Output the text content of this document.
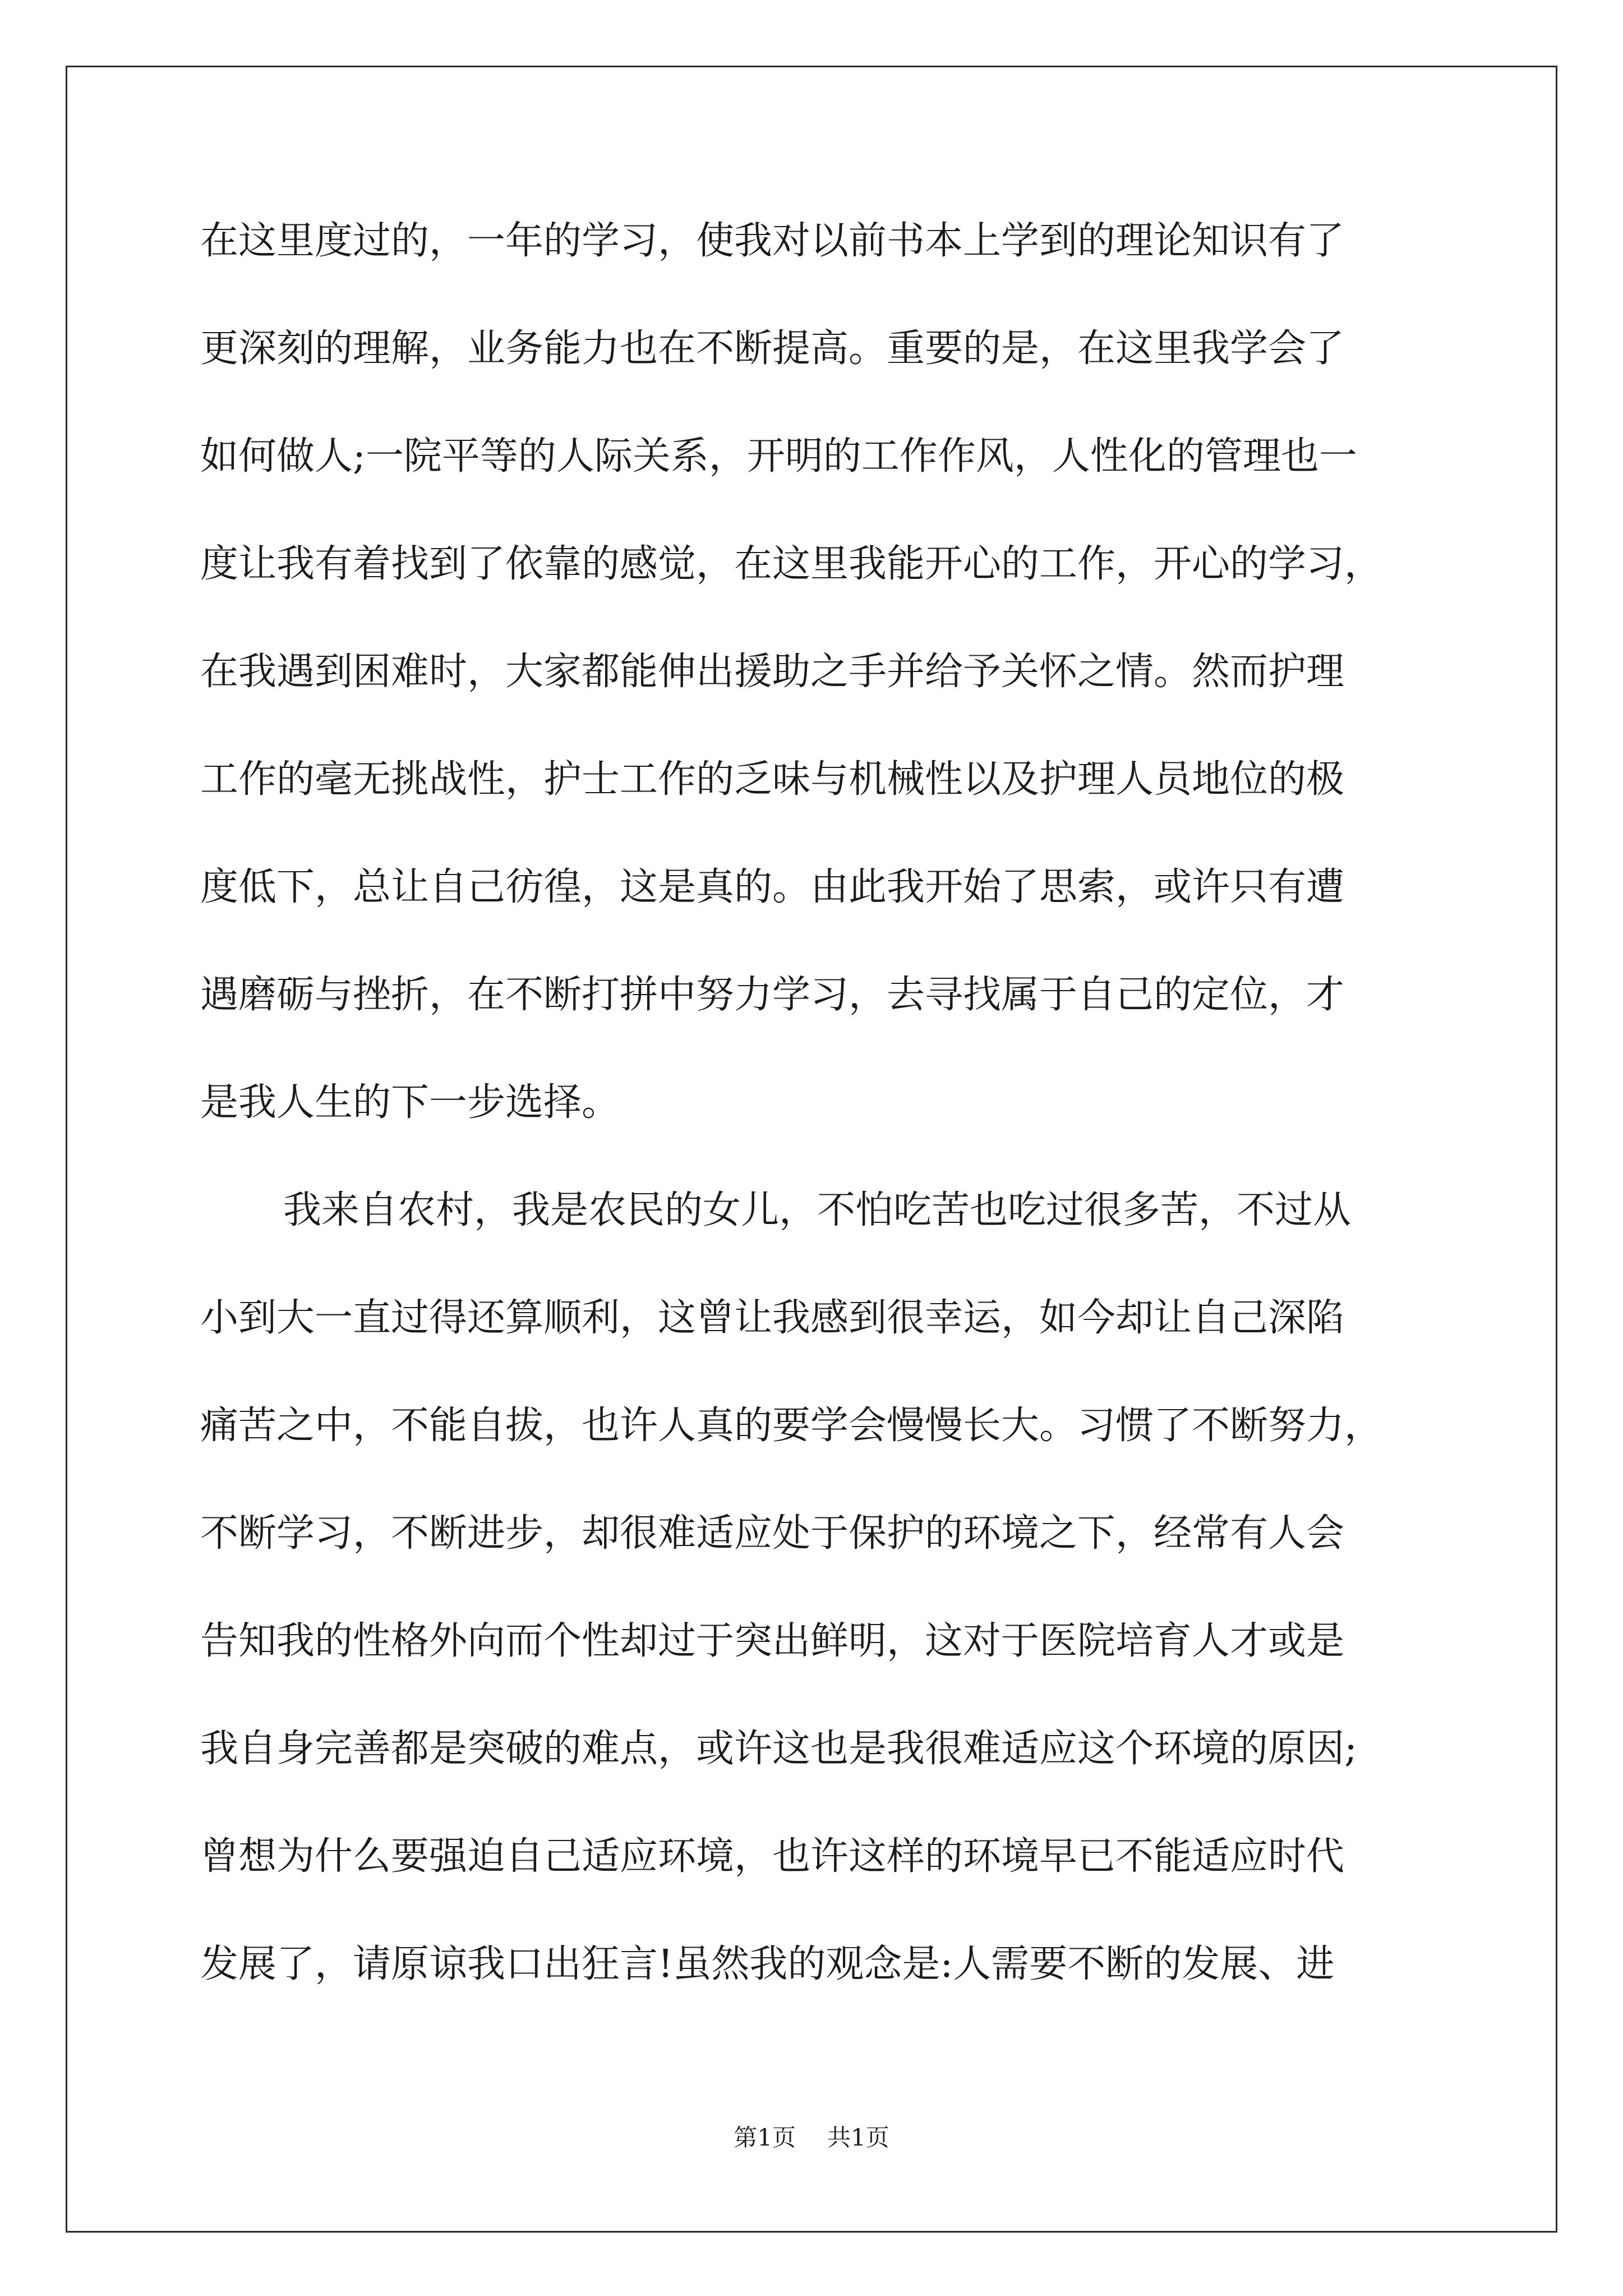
在这里度过的，一年的学习，使我对以前书本上学到的理论知识有了
更深刻的理解，业务能力也在不断提高。重要的是，在这里我学会了
如何做人;一院平等的人际关系，开明的工作作风，人性化的管理也一
度让我有着找到了依靠的感觉，在这里我能开心的工作，开心的学习，
在我遇到困难时，大家都能伸出援助之手并给予关怀之情。然而护理
工作的毫无挑战性，护士工作的乏味与机械性以及护理人员地位的极
度低下，总让自己彷徨，这是真的。由此我开始了思索，或许只有遭
遇磨砺与挫折，在不断打拼中努力学习，去寻找属于自己的定位，才
是我人生的下一步选择。
我来自农村，我是农民的女儿，不怕吃苦也吃过很多苦，不过从
小到大一直过得还算顺利，这曾让我感到很幸运，如今却让自己深陷
痛苦之中，不能自拔，也许人真的要学会慢慢长大。习惯了不断努力，
不断学习，不断进步，却很难适应处于保护的环境之下，经常有人会
告知我的性格外向而个性却过于突出鲜明，这对于医院培育人才或是
我自身完善都是突破的难点，或许这也是我很难适应这个环境的原因;
曾想为什么要强迫自己适应环境，也许这样的环境早已不能适应时代
发展了，请原谅我口出狂言!虽然我的观念是:人需要不断的发展、进
第1页 共1页
